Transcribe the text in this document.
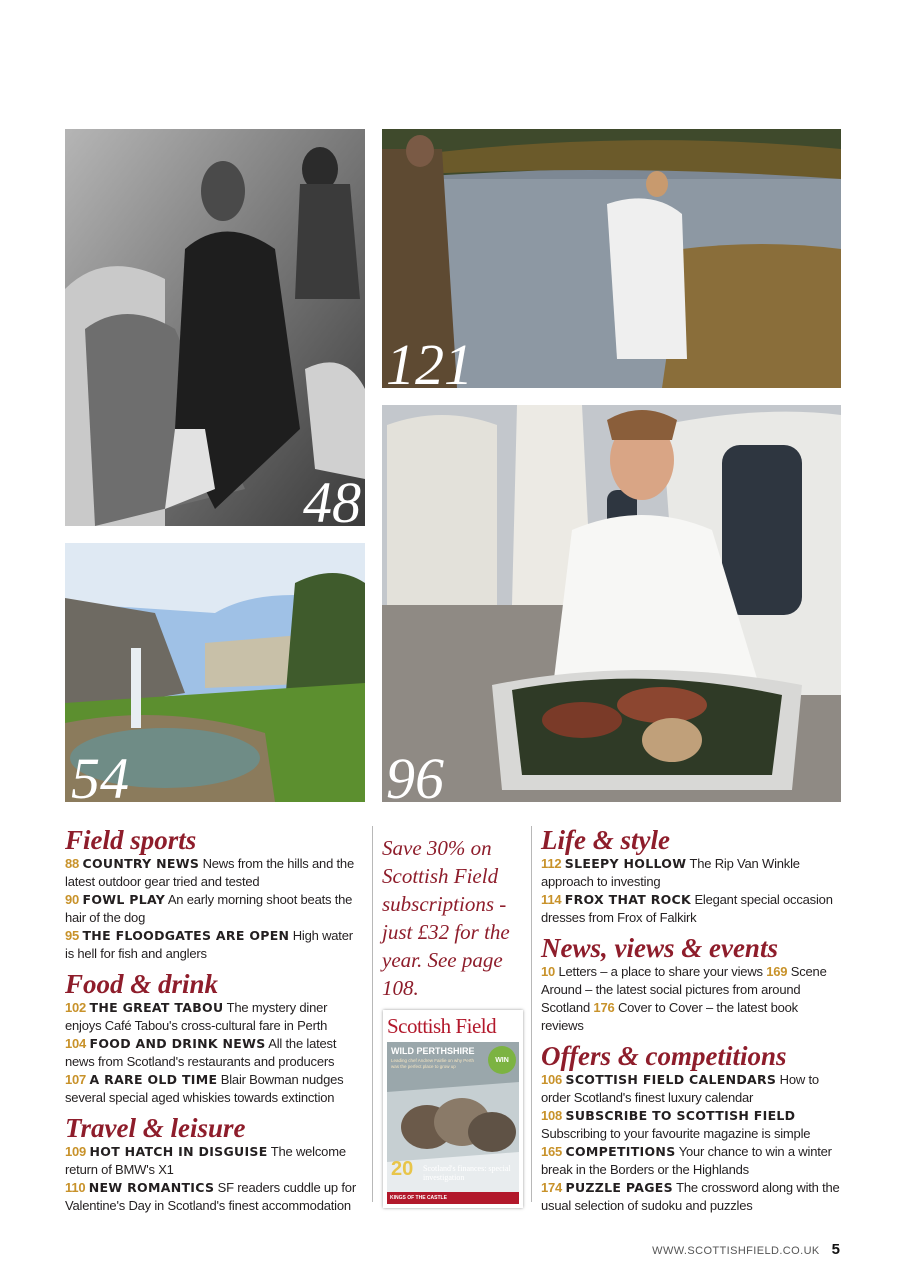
48
121
54	96
Field sports

88 COUNTRY NEWS News from the hills and the latest outdoor gear tried and tested

90 FOWL PLAY An early morning shoot beats the hair of the dog

95 THE FLOODGATES ARE OPEN High water is hell for fish and anglers

Food & drink

102 THE GREAT TABOU The mystery diner enjoys Café Tabou's cross-cultural fare in Perth

104 FOOD AND DRINK NEWS All the latest news from Scotland's restaurants and producers

107 A RARE OLD TIME Blair Bowman nudges several special aged whiskies towards extinction

Travel & leisure

109 HOT HATCH IN DISGUISE The welcome return of BMW's X1

110 NEW ROMANTICS SF readers cuddle up for Valentine's Day in Scotland's finest accommodation

Save 30% on Scottish Field subscriptions - just £32 for the year. See page 108.
Scottish Field
WILD PERTHSHIRE
Leading chef Andrew Fairlie on why Perth was the perfect place to grow up
WIN
20 Scotland's finances: special investigation
KINGS OF THE CASTLE
Life & style

112 SLEEPY HOLLOW The Rip Van Winkle approach to investing

114 FROX THAT ROCK Elegant special occasion dresses from Frox of Falkirk

News, views & events

10 Letters – a place to share your views 169 Scene Around – the latest social pictures from around Scotland 176 Cover to Cover – the latest book reviews

Offers & competitions

106 SCOTTISH FIELD CALENDARS How to order Scotland's finest luxury calendar

108 SUBSCRIBE TO SCOTTISH FIELD Subscribing to your favourite magazine is simple

165 COMPETITIONS Your chance to win a winter break in the Borders or the Highlands

174 PUZZLE PAGES The crossword along with the usual selection of sudoku and puzzles

WWW.SCOTTISHFIELD.CO.UK 5
